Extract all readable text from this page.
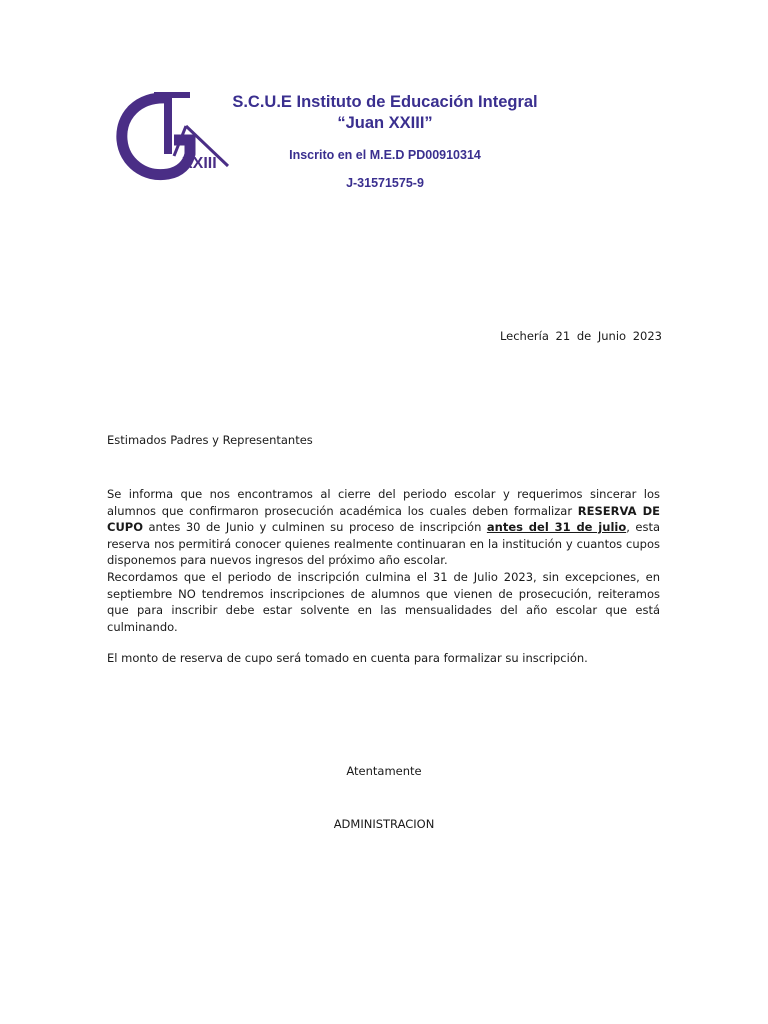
XXIII
S.C.U.E Instituto de Educación Integral
“Juan XXIII”
Inscrito en el M.E.D PD00910314
J-31571575-9
Lechería 21 de Junio 2023
Estimados Padres y Representantes

Se informa que nos encontramos al cierre del periodo escolar y requerimos sincerar los alumnos que confirmaron prosecución académica los cuales deben formalizar RESERVA DE CUPO antes 30 de Junio y culminen su proceso de inscripción antes del 31 de julio, esta reserva nos permitirá conocer quienes realmente continuaran en la institución y cuantos cupos disponemos para nuevos ingresos del próximo año escolar.

Recordamos que el periodo de inscripción culmina el 31 de Julio 2023, sin excepciones, en septiembre NO tendremos inscripciones de alumnos que vienen de prosecución, reiteramos que para inscribir debe estar solvente en las mensualidades del año escolar que está culminando.

El monto de reserva de cupo será tomado en cuenta para formalizar su inscripción.

Atentamente
ADMINISTRACION
